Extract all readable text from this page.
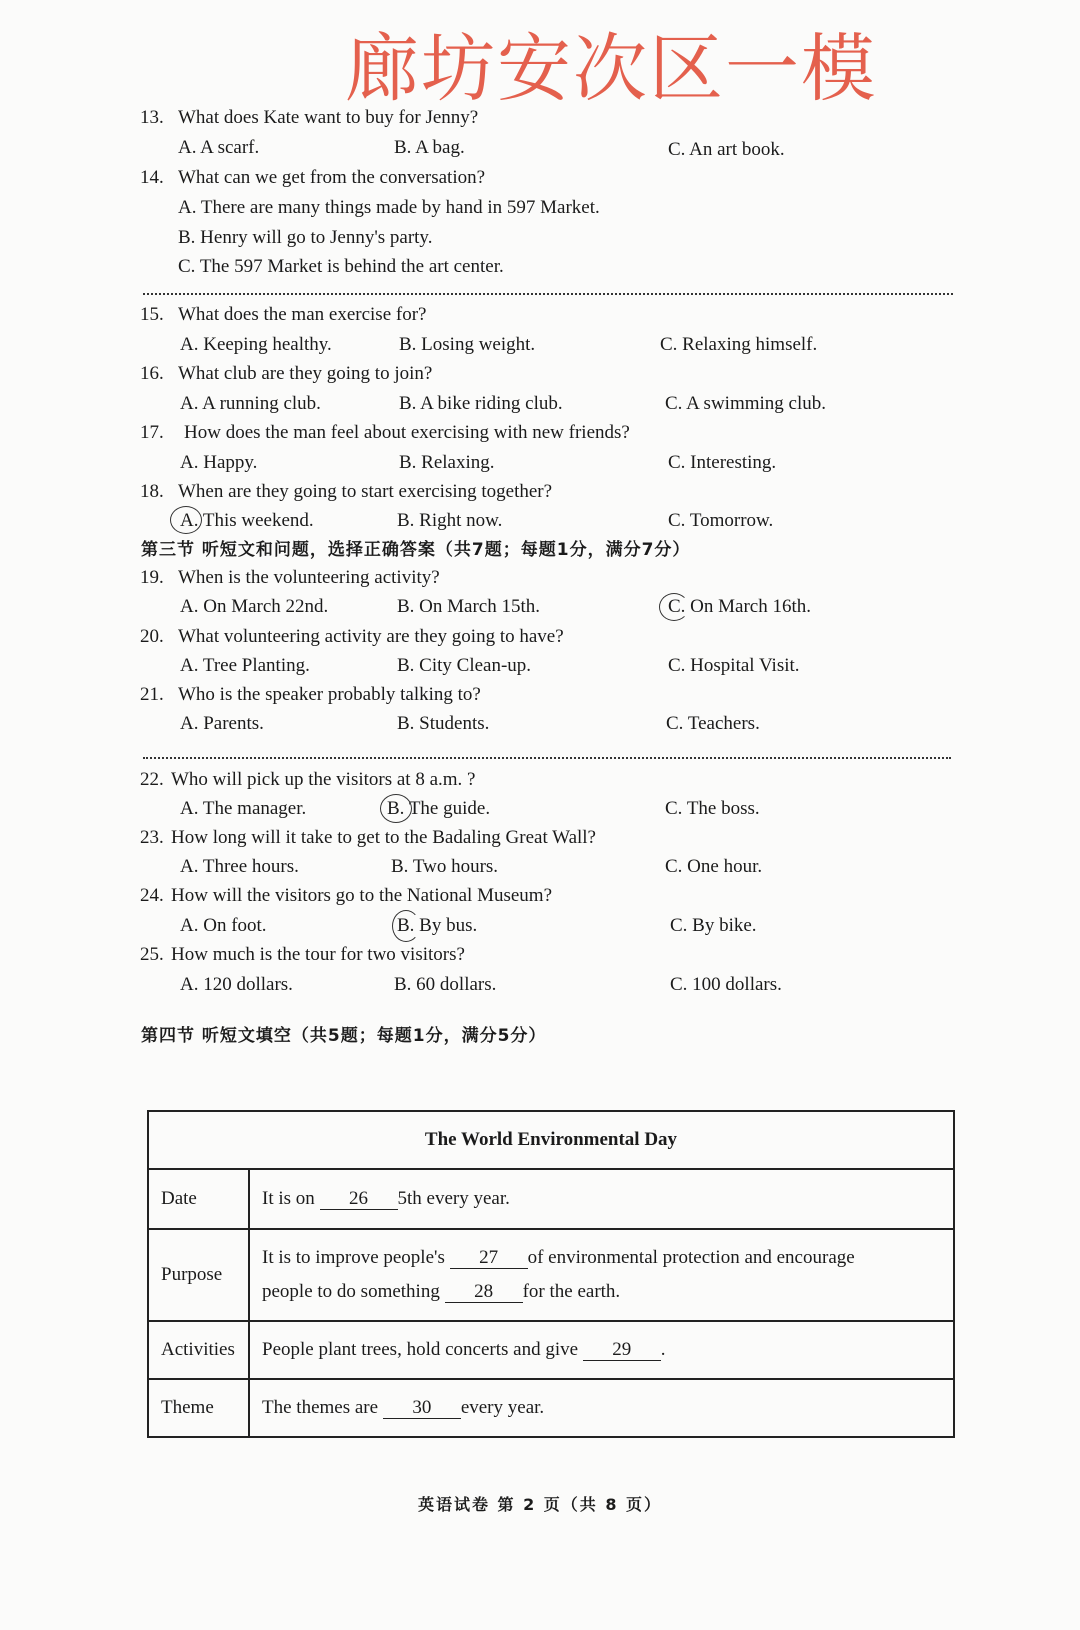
廊坊安次区一模
13. What does Kate want to buy for Jenny?
A. A scarf.	B. A bag.	C. An art book.
14. What can we get from the conversation?
A. There are many things made by hand in 597 Market.
B. Henry will go to Jenny's party.
C. The 597 Market is behind the art center.
15. What does the man exercise for?
A. Keeping healthy.	B. Losing weight.	C. Relaxing himself.
16. What club are they going to join?
A. A running club.	B. A bike riding club.	C. A swimming club.
17. How does the man feel about exercising with new friends?
A. Happy.	B. Relaxing.	C. Interesting.
18. When are they going to start exercising together?
A. This weekend.	B. Right now.	C. Tomorrow.
第三节 听短文和问题，选择正确答案（共7题；每题1分，满分7分）
19. When is the volunteering activity?
A. On March 22nd.	B. On March 15th.	C. On March 16th.
20. What volunteering activity are they going to have?
A. Tree Planting.	B. City Clean-up.	C. Hospital Visit.
21. Who is the speaker probably talking to?
A. Parents.	B. Students.	C. Teachers.
22. Who will pick up the visitors at 8 a.m. ?
A. The manager.	B. The guide.	C. The boss.
23. How long will it take to get to the Badaling Great Wall?
A. Three hours.	B. Two hours.	C. One hour.
24. How will the visitors go to the National Museum?
A. On foot.	B. By bus.	C. By bike.
25. How much is the tour for two visitors?
A. 120 dollars.	B. 60 dollars.	C. 100 dollars.
第四节 听短文填空（共5题；每题1分，满分5分）
The World Environmental Day	
Date	It is on 26 5th every year.
Purpose	It is to improve people's 27 of environmental protection and encourage
people to do something 28 for the earth.

Activities	People plant trees, hold concerts and give 29 .
Theme	The themes are 30 every year.
英语试卷 第 2 页（共 8 页）
